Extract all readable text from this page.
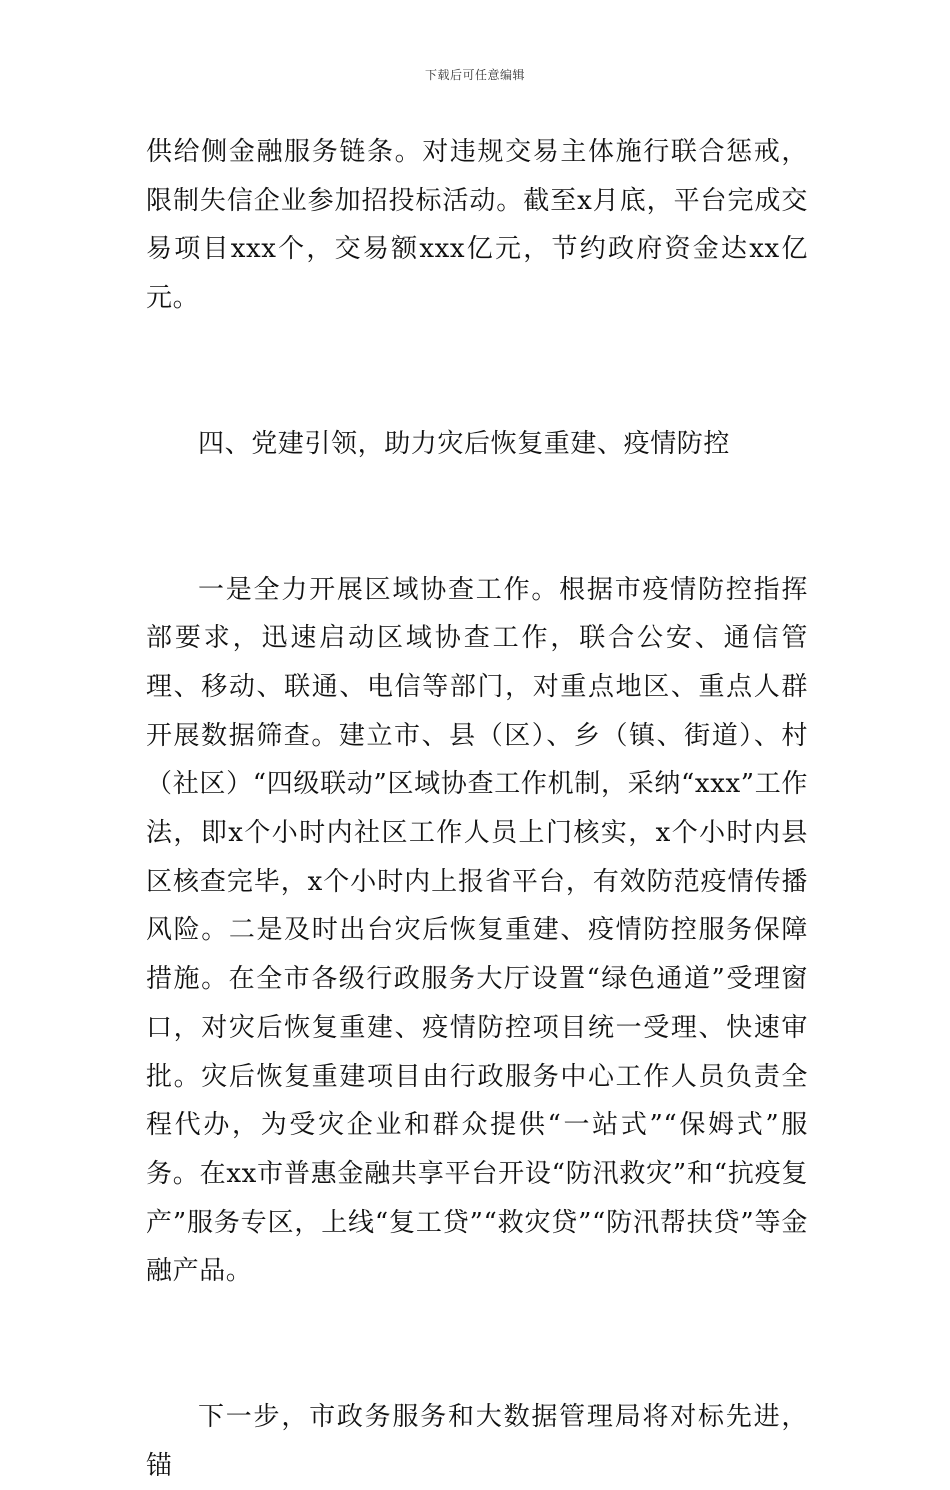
下载后可任意编辑

供给侧金融服务链条。对违规交易主体施行联合惩戒，限制失信企业参加招投标活动。截至x月底，平台完成交易项目xxx个，交易额xxx亿元，节约政府资金达xx亿元。

四、党建引领，助力灾后恢复重建、疫情防控

一是全力开展区域协查工作。根据市疫情防控指挥部要求，迅速启动区域协查工作，联合公安、通信管理、移动、联通、电信等部门，对重点地区、重点人群开展数据筛查。建立市、县（区）、乡（镇、街道）、村（社区）“四级联动”区域协查工作机制，采纳“xxx”工作法，即x个小时内社区工作人员上门核实，x个小时内县区核查完毕，x个小时内上报省平台，有效防范疫情传播风险。二是及时出台灾后恢复重建、疫情防控服务保障措施。在全市各级行政服务大厅设置“绿色通道”受理窗口，对灾后恢复重建、疫情防控项目统一受理、快速审批。灾后恢复重建项目由行政服务中心工作人员负责全程代办，为受灾企业和群众提供“一站式”“保姆式”服务。在xx市普惠金融共享平台开设“防汛救灾”和“抗疫复产”服务专区，上线“复工贷”“救灾贷”“防汛帮扶贷”等金融产品。

下一步，市政务服务和大数据管理局将对标先进，锚
